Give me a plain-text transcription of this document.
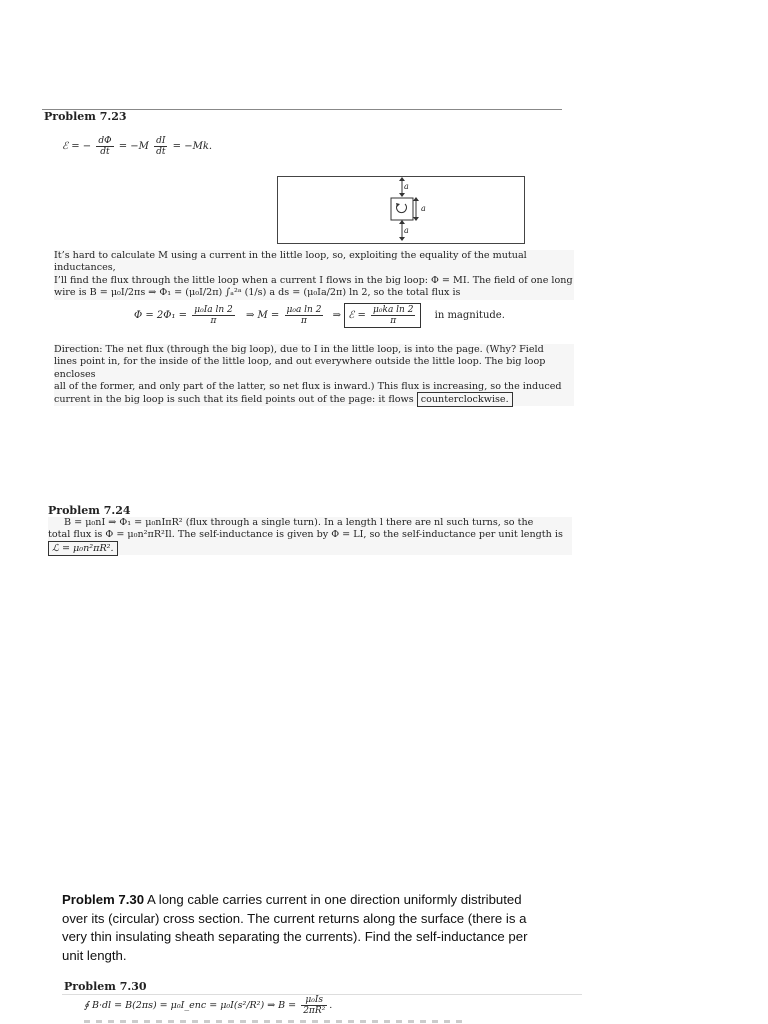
Problem 7.23
ℰ = − $\frac{d\Phi}{dt} = -M \frac{dI}{dt} = -Mk$.
a
a
a
It’s hard to calculate M using a current in the little loop, so, exploiting the equality of the mutual inductances,
I’ll find the flux through the little loop when a current I flows in the big loop: Φ = MI. The field of one long
wire is B = μ₀I/2πs ⇒ Φ₁ = (μ₀I/2π) ∫ₐ²ᵃ (1/s) a ds = (μ₀Ia/2π) ln 2, so the total flux is
$\Phi = 2\Phi_1 = \frac{\text{μ₀Ia ln 2}}{\pi}$ ⇒ $M = \frac{\text{μ₀a ln 2}}{\pi}$ ⇒ ℰ = $\frac{\text{μ₀ka ln 2}}{\pi}$ in magnitude.
Direction: The net flux (through the big loop), due to I in the little loop, is into the page. (Why? Field
lines point in, for the inside of the little loop, and out everywhere outside the little loop. The big loop encloses
all of the former, and only part of the latter, so net flux is inward.) This flux is increasing, so the induced
current in the big loop is such that its field points out of the page: it flows counterclockwise.
Problem 7.24
B = μ₀nI ⇒ Φ₁ = μ₀nIπR² (flux through a single turn). In a length l there are nl such turns, so the
total flux is Φ = μ₀n²πR²Il. The self-inductance is given by Φ = LI, so the self-inductance per unit length is
ℒ = μ₀n²πR².
Problem 7.30 A long cable carries current in one direction uniformly distributed
over its (circular) cross section. The current returns along the surface (there is a
very thin insulating sheath separating the currents). Find the self-inductance per
unit length.
Problem 7.30
∮ B·dl = B(2πs) = μ₀I_enc = μ₀I(s²/R²) ⇒ $B = \frac{\text{μ₀Is}}{\text{2πR²}}$ .
